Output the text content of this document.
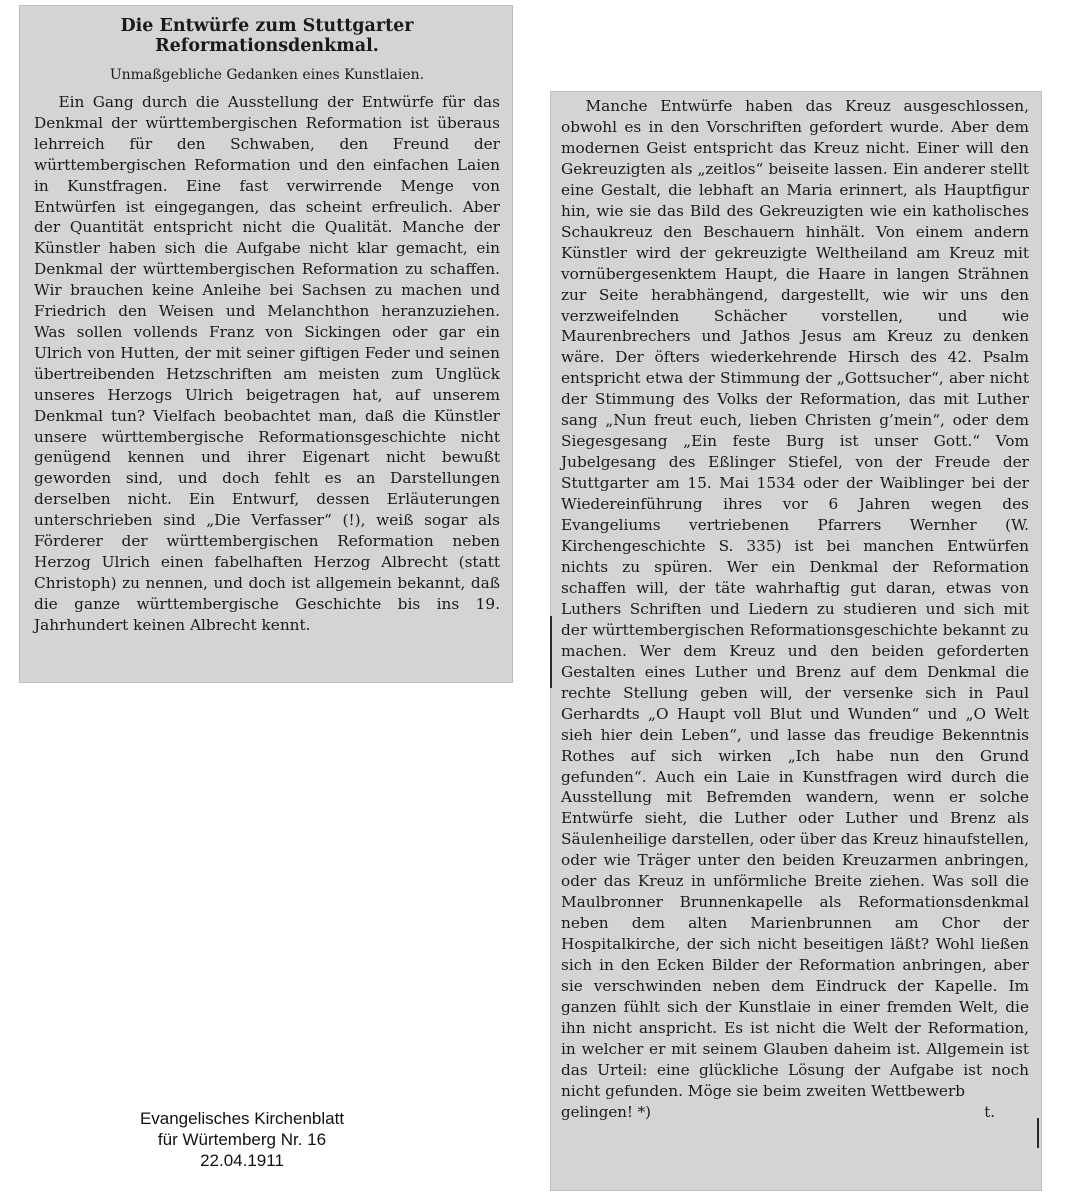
Die Entwürfe zum Stuttgarter Reformationsdenkmal.
Unmaßgebliche Gedanken eines Kunstlaien.

Ein Gang durch die Ausstellung der Entwürfe für das Denkmal der württembergischen Reformation ist überaus lehrreich für den Schwaben, den Freund der württembergischen Reformation und den einfachen Laien in Kunstfragen. Eine fast verwirrende Menge von Entwürfen ist eingegangen, das scheint erfreulich. Aber der Quantität entspricht nicht die Qualität. Manche der Künstler haben sich die Aufgabe nicht klar gemacht, ein Denkmal der württembergischen Reformation zu schaffen. Wir brauchen keine Anleihe bei Sachsen zu machen und Friedrich den Weisen und Melanchthon heranzuziehen. Was sollen vollends Franz von Sickingen oder gar ein Ulrich von Hutten, der mit seiner giftigen Feder und seinen übertreibenden Hetzschriften am meisten zum Unglück unseres Herzogs Ulrich beigetragen hat, auf unserem Denkmal tun? Vielfach beobachtet man, daß die Künstler unsere württembergische Reformationsgeschichte nicht genügend kennen und ihrer Eigenart nicht bewußt geworden sind, und doch fehlt es an Darstellungen derselben nicht. Ein Entwurf, dessen Erläuterungen unterschrieben sind „Die Verfasser“ (!), weiß sogar als Förderer der württembergischen Reformation neben Herzog Ulrich einen fabelhaften Herzog Albrecht (statt Christoph) zu nennen, und doch ist allgemein bekannt, daß die ganze württembergische Geschichte bis ins 19. Jahrhundert keinen Albrecht kennt.

Manche Entwürfe haben das Kreuz ausgeschlossen, obwohl es in den Vorschriften gefordert wurde. Aber dem modernen Geist entspricht das Kreuz nicht. Einer will den Gekreuzigten als „zeitlos“ beiseite lassen. Ein anderer stellt eine Gestalt, die lebhaft an Maria erinnert, als Hauptfigur hin, wie sie das Bild des Gekreuzigten wie ein katholisches Schaukreuz den Beschauern hinhält. Von einem andern Künstler wird der gekreuzigte Weltheiland am Kreuz mit vornübergesenktem Haupt, die Haare in langen Strähnen zur Seite herabhängend, dargestellt, wie wir uns den verzweifelnden Schächer vorstellen, und wie Maurenbrechers und Jathos Jesus am Kreuz zu denken wäre. Der öfters wiederkehrende Hirsch des 42. Psalm entspricht etwa der Stimmung der „Gottsucher“, aber nicht der Stimmung des Volks der Reformation, das mit Luther sang „Nun freut euch, lieben Christen g’mein“, oder dem Siegesgesang „Ein feste Burg ist unser Gott.“ Vom Jubelgesang des Eßlinger Stiefel, von der Freude der Stuttgarter am 15. Mai 1534 oder der Waiblinger bei der Wiedereinführung ihres vor 6 Jahren wegen des Evangeliums vertriebenen Pfarrers Wernher (W. Kirchengeschichte S. 335) ist bei manchen Entwürfen nichts zu spüren. Wer ein Denkmal der Reformation schaffen will, der täte wahrhaftig gut daran, etwas von Luthers Schriften und Liedern zu studieren und sich mit der württembergischen Reformationsgeschichte bekannt zu machen. Wer dem Kreuz und den beiden geforderten Gestalten eines Luther und Brenz auf dem Denkmal die rechte Stellung geben will, der versenke sich in Paul Gerhardts „O Haupt voll Blut und Wunden“ und „O Welt sieh hier dein Leben“, und lasse das freudige Bekenntnis Rothes auf sich wirken „Ich habe nun den Grund gefunden“. Auch ein Laie in Kunstfragen wird durch die Ausstellung mit Befremden wandern, wenn er solche Entwürfe sieht, die Luther oder Luther und Brenz als Säulenheilige darstellen, oder über das Kreuz hinaufstellen, oder wie Träger unter den beiden Kreuzarmen anbringen, oder das Kreuz in unförmliche Breite ziehen. Was soll die Maulbronner Brunnenkapelle als Reformationsdenkmal neben dem alten Marienbrunnen am Chor der Hospitalkirche, der sich nicht beseitigen läßt? Wohl ließen sich in den Ecken Bilder der Reformation anbringen, aber sie verschwinden neben dem Eindruck der Kapelle. Im ganzen fühlt sich der Kunstlaie in einer fremden Welt, die ihn nicht anspricht. Es ist nicht die Welt der Reformation, in welcher er mit seinem Glauben daheim ist. Allgemein ist das Urteil: eine glückliche Lösung der Aufgabe ist noch nicht gefunden. Möge sie beim zweiten Wettbewerb

gelingen! *)	t.
Evangelisches Kirchenblatt
für Würtemberg Nr. 16
22.04.1911
